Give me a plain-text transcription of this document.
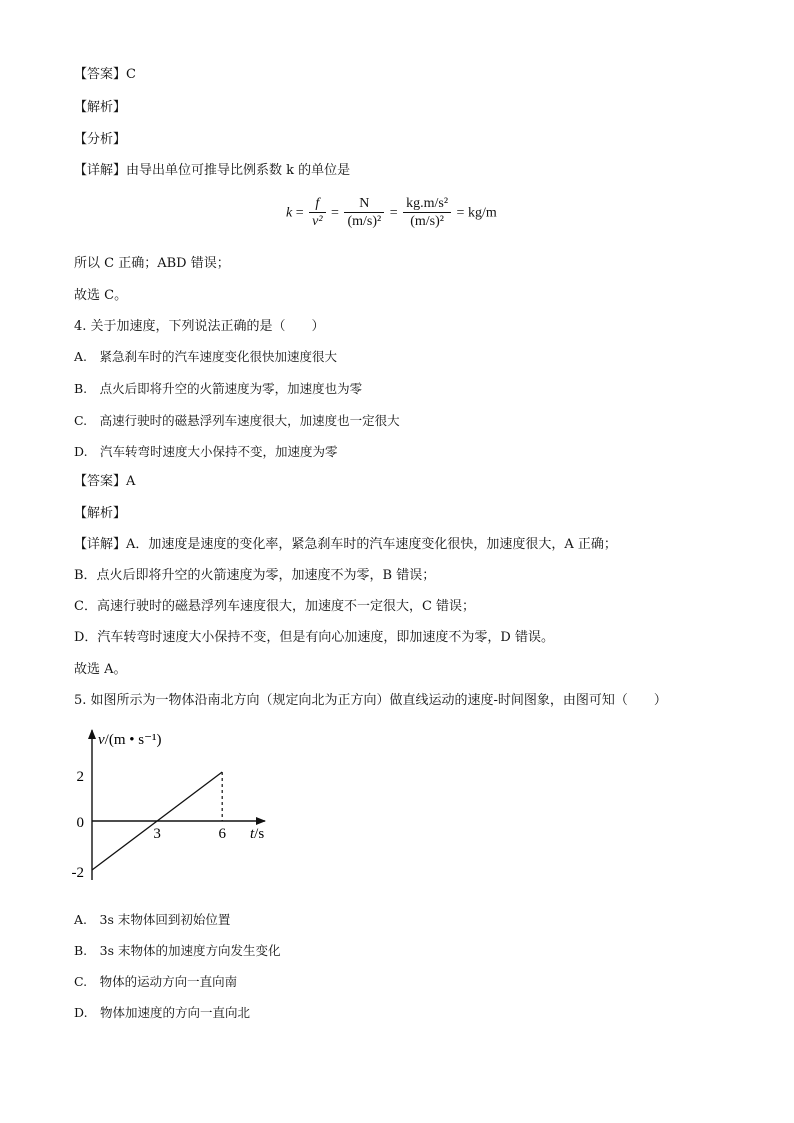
【答案】C
【解析】
【分析】
【详解】由导出单位可推导比例系数 k 的单位是
$k = \frac{f}{\text{v²}} = \frac{N}{\text{(m/s)²}} = \frac{\text{kg.m/s²}}{\text{(m/s)²}} = kg/m$
所以 C 正确；ABD 错误；
故选 C。
4. 关于加速度，下列说法正确的是（　　）
A.　紧急刹车时的汽车速度变化很快加速度很大
B.　点火后即将升空的火箭速度为零，加速度也为零
C.　高速行驶时的磁悬浮列车速度很大，加速度也一定很大
D.　汽车转弯时速度大小保持不变，加速度为零
【答案】A
【解析】
【详解】A．加速度是速度的变化率，紧急刹车时的汽车速度变化很快，加速度很大，A 正确；
B．点火后即将升空的火箭速度为零，加速度不为零，B 错误；
C．高速行驶时的磁悬浮列车速度很大，加速度不一定很大，C 错误；
D．汽车转弯时速度大小保持不变，但是有向心加速度，即加速度不为零，D 错误。
故选 A。
5. 如图所示为一物体沿南北方向（规定向北为正方向）做直线运动的速度-时间图象，由图可知（　　）
v/(m • s⁻¹)
t/s
2
0
-2
3	6
A.　3s 末物体回到初始位置
B.　3s 末物体的加速度方向发生变化
C.　物体的运动方向一直向南
D.　物体加速度的方向一直向北
